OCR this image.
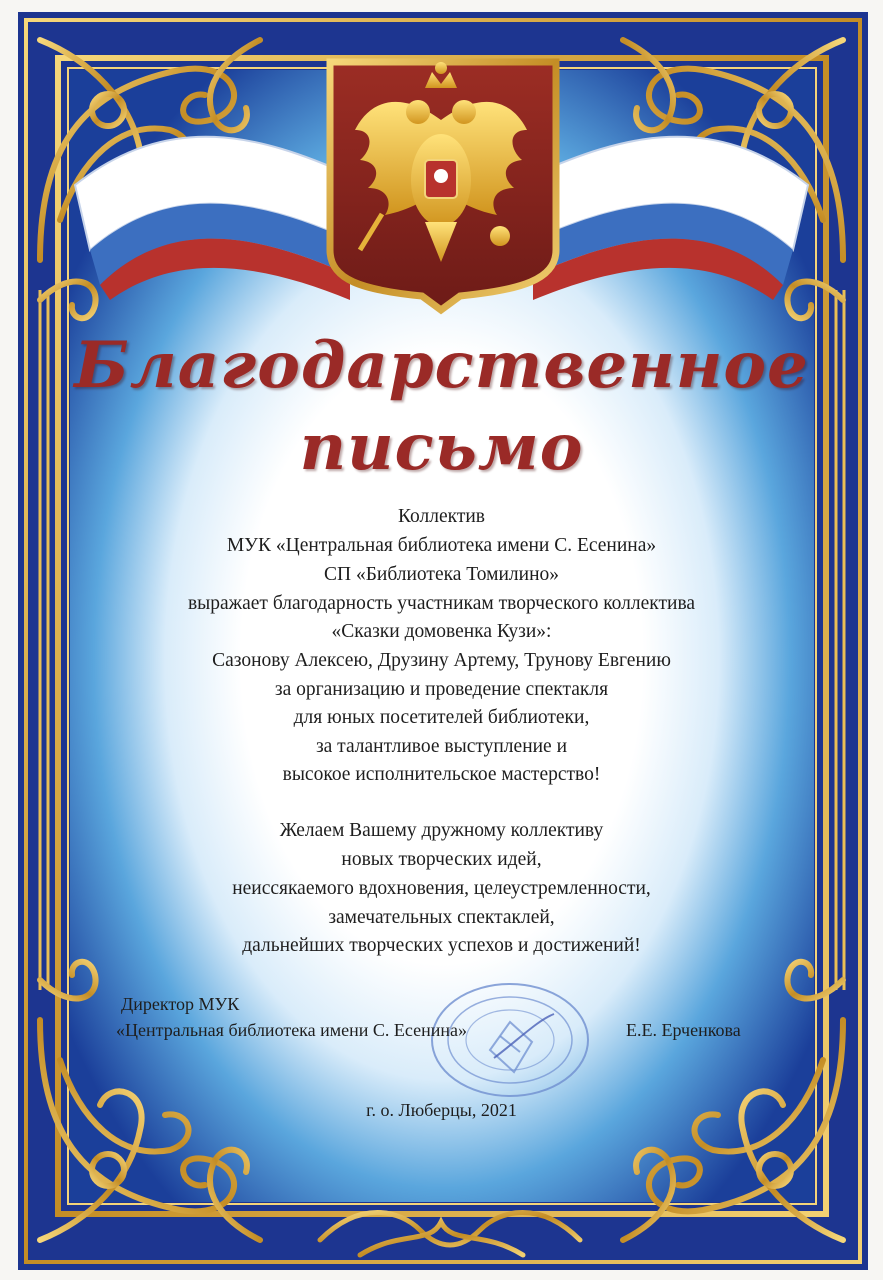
Благодарственное
письмо

Коллектив

МУК «Центральная библиотека имени С. Есенина»

СП «Библиотека Томилино»

выражает благодарность участникам творческого коллектива

«Сказки домовенка Кузи»:

Сазонову Алексею, Друзину Артему, Трунову Евгению

за организацию и проведение спектакля

для юных посетителей библиотеки,

за талантливое выступление и

высокое исполнительское мастерство!

Желаем Вашему дружному коллективу

новых творческих идей,

неиссякаемого вдохновения, целеустремленности,

замечательных спектаклей,

дальнейших творческих успехов и достижений!

Директор МУК

«Центральная библиотека имени С. Есенина»	Е.Е. Ерченкова

г. о. Люберцы, 2021
